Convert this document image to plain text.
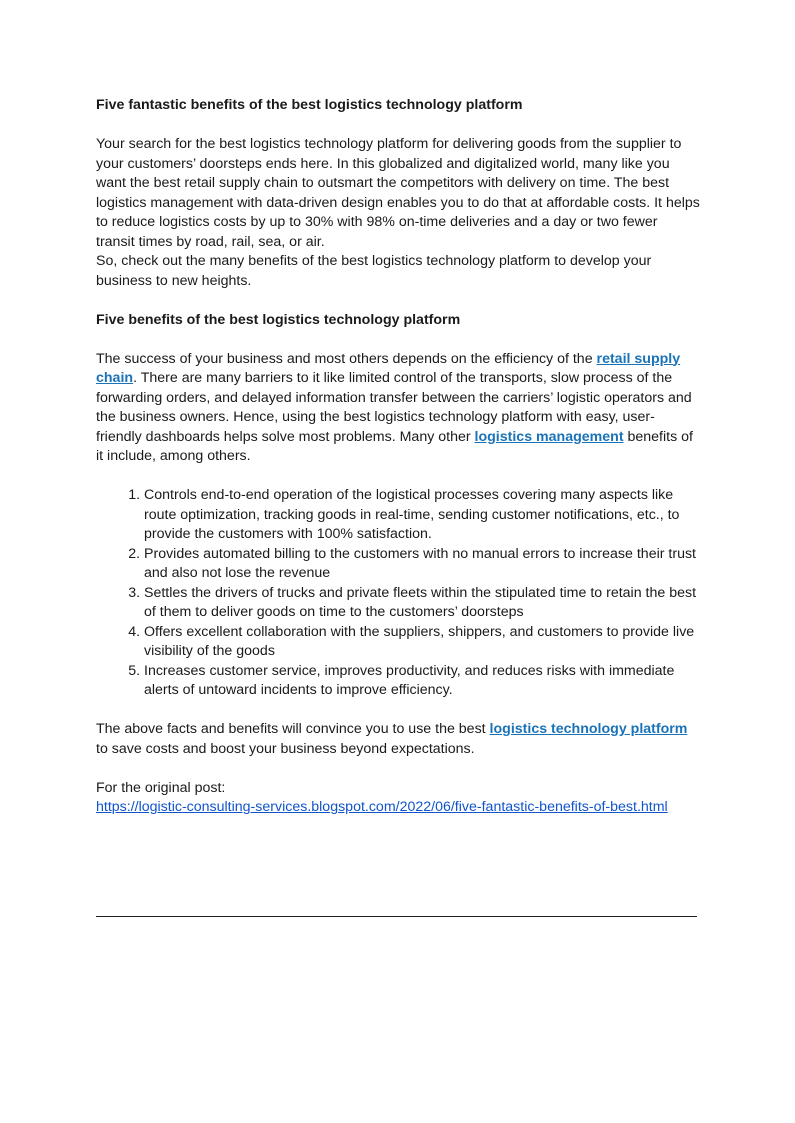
Five fantastic benefits of the best logistics technology platform

Your search for the best logistics technology platform for delivering goods from the supplier to your customers’ doorsteps ends here. In this globalized and digitalized world, many like you want the best retail supply chain to outsmart the competitors with delivery on time. The best logistics management with data-driven design enables you to do that at affordable costs. It helps to reduce logistics costs by up to 30% with 98% on-time deliveries and a day or two fewer transit times by road, rail, sea, or air.

So, check out the many benefits of the best logistics technology platform to develop your business to new heights.

Five benefits of the best logistics technology platform

The success of your business and most others depends on the efficiency of the retail supply chain. There are many barriers to it like limited control of the transports, slow process of the forwarding orders, and delayed information transfer between the carriers’ logistic operators and the business owners. Hence, using the best logistics technology platform with easy, user-friendly dashboards helps solve most problems. Many other logistics management benefits of it include, among others.

1. Controls end-to-end operation of the logistical processes covering many aspects like route optimization, tracking goods in real-time, sending customer notifications, etc., to provide the customers with 100% satisfaction.
2. Provides automated billing to the customers with no manual errors to increase their trust and also not lose the revenue
3. Settles the drivers of trucks and private fleets within the stipulated time to retain the best of them to deliver goods on time to the customers’ doorsteps
4. Offers excellent collaboration with the suppliers, shippers, and customers to provide live visibility of the goods
5. Increases customer service, improves productivity, and reduces risks with immediate alerts of untoward incidents to improve efficiency.

The above facts and benefits will convince you to use the best logistics technology platform to save costs and boost your business beyond expectations.

For the original post:

https://logistic-consulting-services.blogspot.com/2022/06/five-fantastic-benefits-of-best.html
